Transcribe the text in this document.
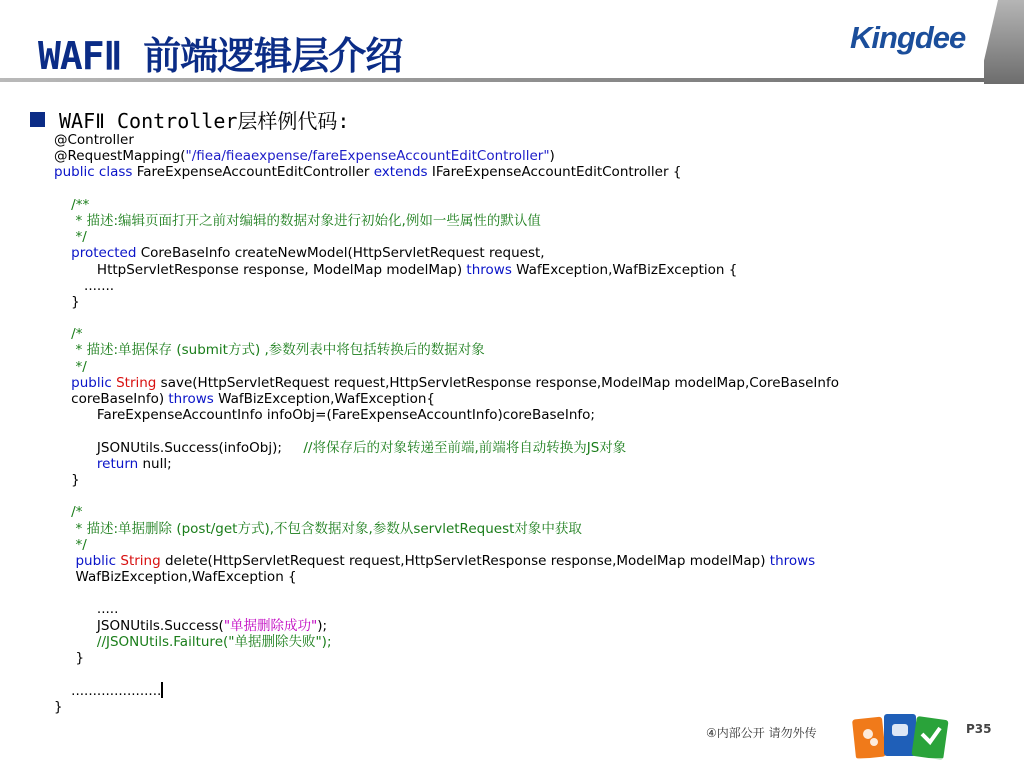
WAFⅡ 前端逻辑层介绍	Kingdee
WAFⅡ Controller层样例代码:
@Controller
@RequestMapping("/fiea/fieaexpense/fareExpenseAccountEditController")
public class FareExpenseAccountEditController extends IFareExpenseAccountEditController {
/**
* 描述:编辑页面打开之前对编辑的数据对象进行初始化,例如一些属性的默认值
*/
protected CoreBaseInfo createNewModel(HttpServletRequest request,
HttpServletResponse response, ModelMap modelMap) throws WafException,WafBizException {
.......
}
/*
* 描述:单据保存 (submit方式) ,参数列表中将包括转换后的数据对象
*/
public String save(HttpServletRequest request,HttpServletResponse response,ModelMap modelMap,CoreBaseInfo
coreBaseInfo) throws WafBizException,WafException{
FareExpenseAccountInfo infoObj=(FareExpenseAccountInfo)coreBaseInfo;
JSONUtils.Success(infoObj);     //将保存后的对象转递至前端,前端将自动转换为JS对象
return null;
}
/*
* 描述:单据删除 (post/get方式),不包含数据对象,参数从servletRequest对象中获取
*/
public String delete(HttpServletRequest request,HttpServletResponse response,ModelMap modelMap) throws
WafBizException,WafException {
.....
JSONUtils.Success("单据删除成功");
//JSONUtils.Failture("单据删除失败");
}
.....................
}
④内部公开 请勿外传	P35
